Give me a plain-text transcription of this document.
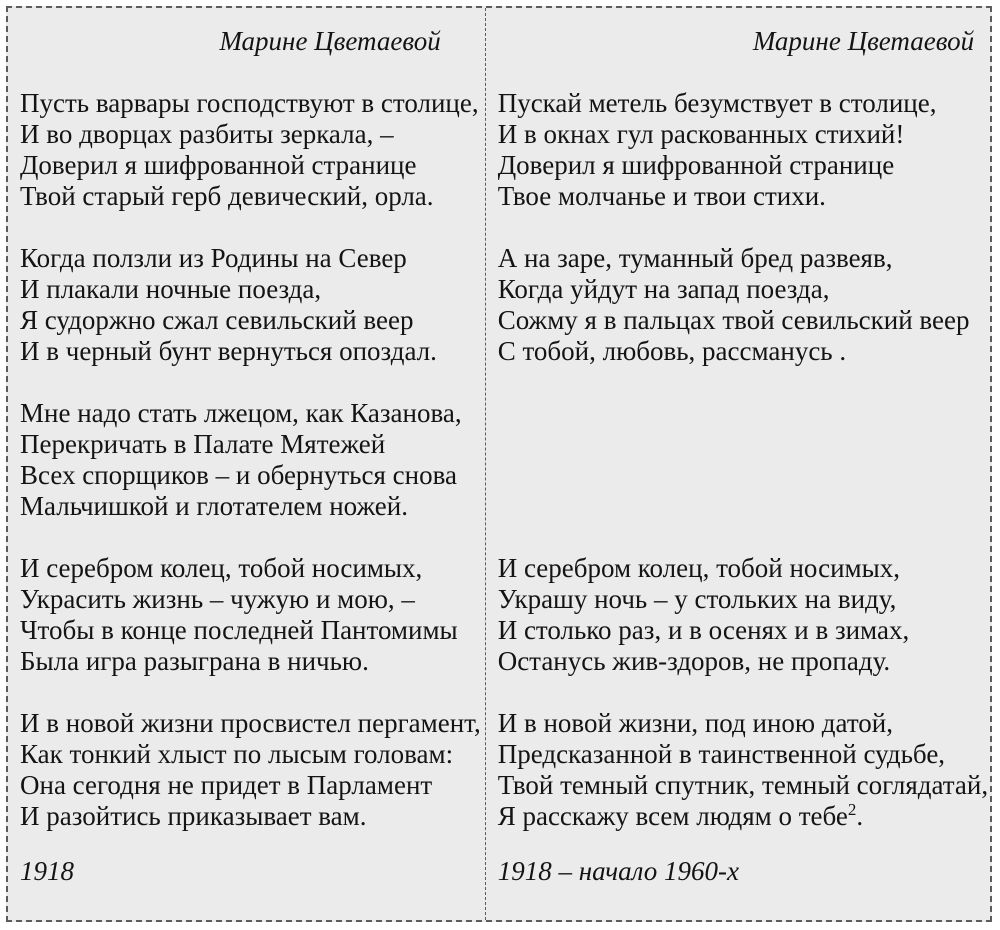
Марине Цветаевой
Пусть варвары господствуют в столице,
И во дворцах разбиты зеркала, –
Доверил я шифрованной странице
Твой старый герб девический, орла.
Когда ползли из Родины на Север
И плакали ночные поезда,
Я судоржно сжал севильский веер
И в черный бунт вернуться опоздал.
Мне надо стать лжецом, как Казанова,
Перекричать в Палате Мятежей
Всех спорщиков – и обернуться снова
Мальчишкой и глотателем ножей.
И серебром колец, тобой носимых,
Украсить жизнь – чужую и мою, –
Чтобы в конце последней Пантомимы
Была игра разыграна в ничью.
И в новой жизни просвистел пергамент,
Как тонкий хлыст по лысым головам:
Она сегодня не придет в Парламент
И разойтись приказывает вам.
1918
Марине Цветаевой
Пускай метель безумствует в столице,
И в окнах гул раскованных стихий!
Доверил я шифрованной странице
Твое молчанье и твои стихи.
А на заре, туманный бред развеяв,
Когда уйдут на запад поезда,
Сожму я в пальцах твой севильский веер
С тобой, любовь, рассманусь .
И серебром колец, тобой носимых,
Украшу ночь – у стольких на виду,
И столько раз, и в осенях и в зимах,
Останусь жив-здоров, не пропаду.
И в новой жизни, под иною датой,
Предсказанной в таинственной судьбе,
Твой темный спутник, темный соглядатай,
Я расскажу всем людям о тебе$^2$.
1918 – начало 1960-х
